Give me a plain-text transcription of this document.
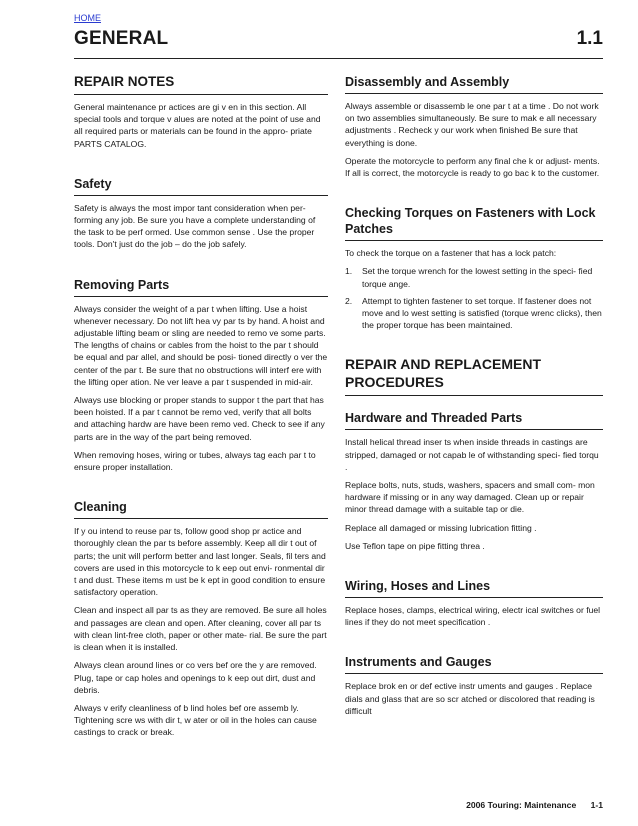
HOME
GENERAL	1.1
REPAIR NOTES

General maintenance pr actices are gi v en in this section. All special tools and torque v alues are noted at the point of use and all required parts or materials can be found in the appro- priate PARTS CATALOG.

Safety

Safety is always the most impor tant consideration when per- forming any job. Be sure you have a complete understanding of the task to be perf ormed. Use common sense . Use the proper tools. Don't just do the job – do the job safely.

Removing Parts

Always consider the weight of a par t when lifting. Use a hoist whenever necessary. Do not lift hea vy par ts by hand. A hoist and adjustable lifting beam or sling are needed to remo ve some parts. The lengths of chains or cables from the hoist to the par t should be equal and par allel, and should be posi- tioned directly o ver the center of the par t. Be sure that no obstructions will interf ere with the lifting oper ation. Ne ver leave a par t suspended in mid-air.

Always use blocking or proper stands to suppor t the part that has been hoisted. If a par t cannot be remo ved, verify that all bolts and attaching hardw are have been remo ved. Check to see if any parts are in the way of the part being removed.

When removing hoses, wiring or tubes, always tag each par t to ensure proper installation.

Cleaning

If y ou intend to reuse par ts, follow good shop pr actice and thoroughly clean the par ts before assembly. Keep all dir t out of parts; the unit will perform better and last longer. Seals, fil ters and covers are used in this motorcycle to k eep out envi- ronmental dir t and dust. These items m ust be k ept in good condition to ensure satisfactory operation.

Clean and inspect all par ts as they are removed. Be sure all holes and passages are clean and open. After cleaning, cover all par ts with clean lint-free cloth, paper or other mate- rial. Be sure the part is clean when it is installed.

Always clean around lines or co vers bef ore the y are removed. Plug, tape or cap holes and openings to k eep out dirt, dust and debris.

Always v erify cleanliness of b lind holes bef ore assemb ly. Tightening scre ws with dir t, w ater or oil in the holes can cause castings to crack or break.

Disassembly and Assembly

Always assemble or disassemb le one par t at a time . Do not work on two assemblies simultaneously. Be sure to mak e all necessary adjustments . Recheck y our work when finished Be sure that everything is done.

Operate the motorcycle to perform any final che k or adjust- ments. If all is correct, the motorcycle is ready to go bac k to the customer.

Checking Torques on Fasteners with Lock Patches

To check the torque on a fastener that has a lock patch:

1. Set the torque wrench for the lowest setting in the speci- fied torque ange.
2. Attempt to tighten fastener to set torque. If fastener does not move and lo west setting is satisfied (torque wrenc clicks), then the proper torque has been maintained.
REPAIR AND REPLACEMENT PROCEDURES
Hardware and Threaded Parts

Install helical thread inser ts when inside threads in castings are stripped, damaged or not capab le of withstanding speci- fied torqu .

Replace bolts, nuts, studs, washers, spacers and small com- mon hardware if missing or in any way damaged. Clean up or repair minor thread damage with a suitable tap or die.

Replace all damaged or missing lubrication fitting .

Use Teflon tape on pipe fitting threa .

Wiring, Hoses and Lines

Replace hoses, clamps, electrical wiring, electr ical switches or fuel lines if they do not meet specification .

Instruments and Gauges

Replace brok en or def ective instr uments and gauges . Replace dials and glass that are so scr atched or discolored that reading is difficult

2006 Touring: Maintenance 1-1
